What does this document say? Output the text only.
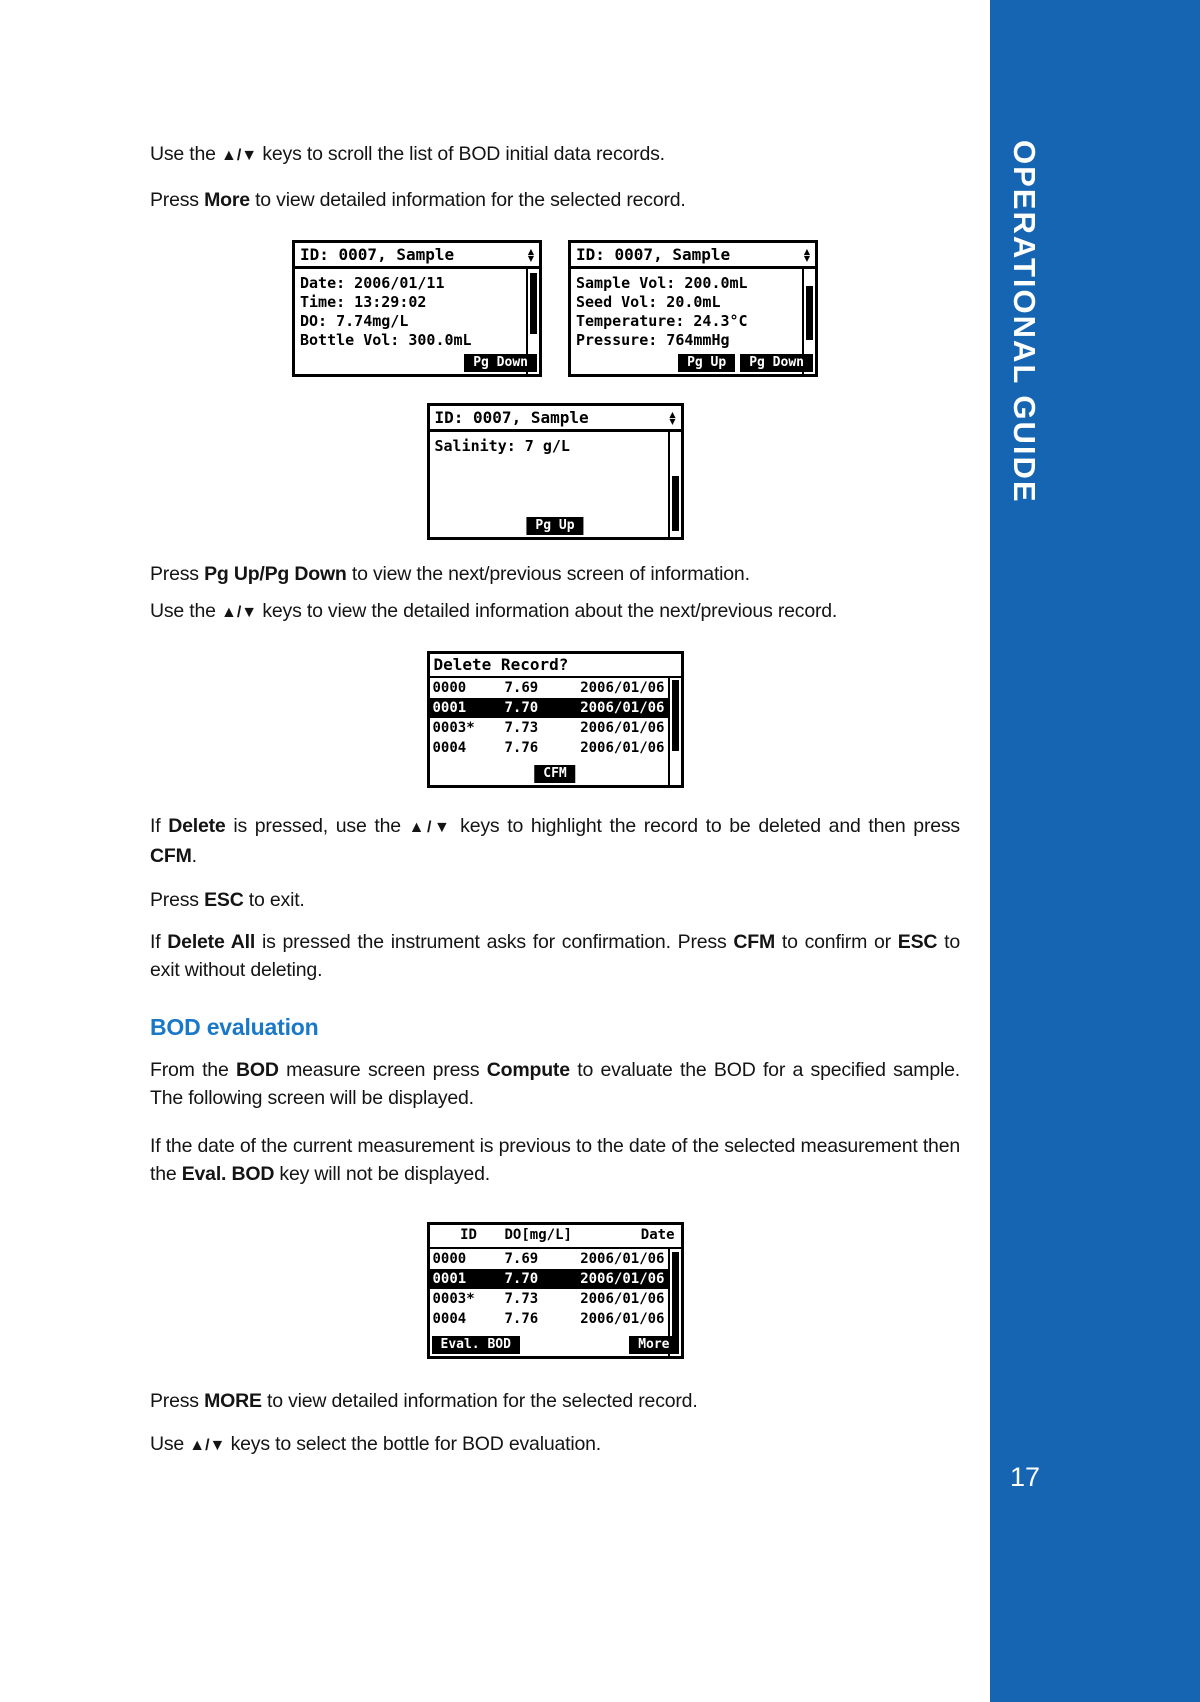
OPERATIONAL GUIDE
17

Use the ▲/▼ keys to scroll the list of BOD initial data records.

Press More to view detailed information for the selected record.

ID: 0007, Sample	▲
▼
Date: 2006/01/11
Time: 13:29:02
DO: 7.74mg/L
Bottle Vol: 300.0mL
Pg Down
ID: 0007, Sample	▲
▼
Sample Vol: 200.0mL
Seed Vol: 20.0mL
Temperature: 24.3°C
Pressure: 764mmHg
Pg Up	Pg Down
ID: 0007, Sample	▲
▼
Salinity: 7 g/L
Pg Up

Press Pg Up/Pg Down to view the next/previous screen of information.

Use the ▲/▼ keys to view the detailed information about the next/previous record.

Delete Record?
0000	7.69	2006/01/06
0001	7.70	2006/01/06
0003*	7.73	2006/01/06
0004	7.76	2006/01/06
CFM

If Delete is pressed, use the ▲/▼ keys to highlight the record to be deleted and then press CFM.

Press ESC to exit.

If Delete All is pressed the instrument asks for confirmation. Press CFM to confirm or ESC to exit without deleting.

BOD evaluation

From the BOD measure screen press Compute to evaluate the BOD for a specified sample. The following screen will be displayed.

If the date of the current measurement is previous to the date of the selected measurement then the Eval. BOD key will not be displayed.

ID	DO[mg/L]	Date
0000	7.69	2006/01/06
0001	7.70	2006/01/06
0003*	7.73	2006/01/06
0004	7.76	2006/01/06
Eval. BOD	More

Press MORE to view detailed information for the selected record.

Use ▲/▼ keys to select the bottle for BOD evaluation.
